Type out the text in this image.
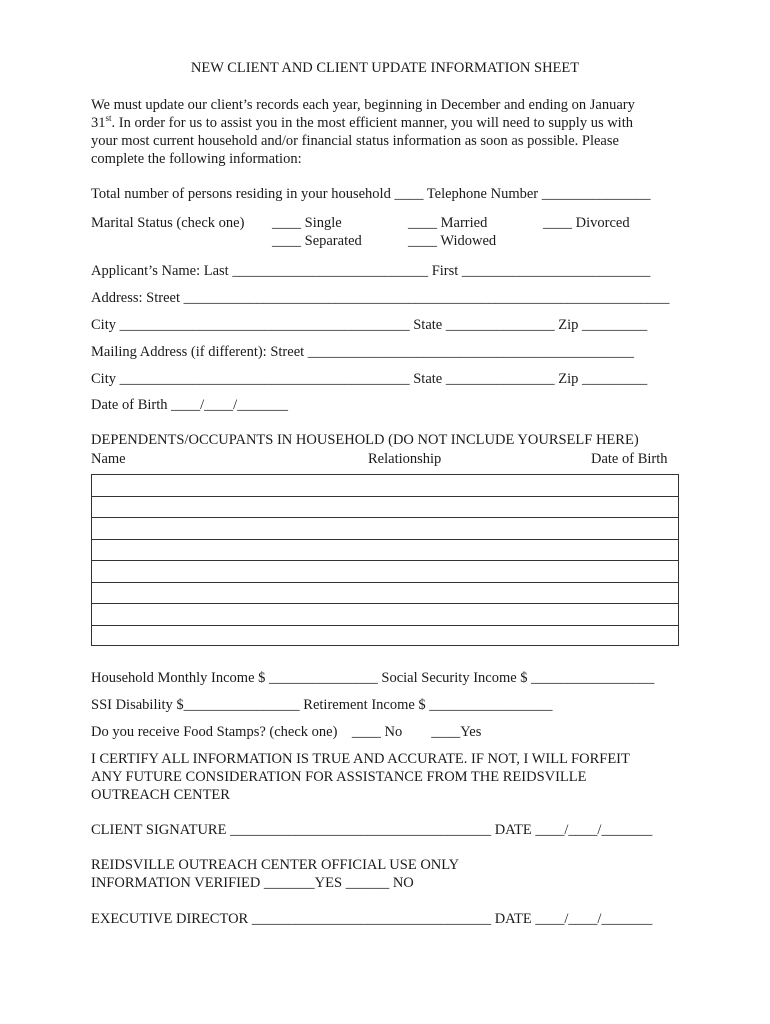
NEW CLIENT AND CLIENT UPDATE INFORMATION SHEET
We must update our client’s records each year, beginning in December and ending on January
31st. In order for us to assist you in the most efficient manner, you will need to supply us with
your most current household and/or financial status information as soon as possible. Please
complete the following information:
Total number of persons residing in your household ____ Telephone Number _______________
Marital Status (check one) ____ Single
____ Separated
____ Married
____ Widowed
____ Divorced
Applicant’s Name: Last ___________________________ First __________________________
Address: Street ___________________________________________________________________
City ________________________________________ State _______________ Zip _________
Mailing Address (if different): Street _____________________________________________
City ________________________________________ State _______________ Zip _________
Date of Birth ____/____/_______
DEPENDENTS/OCCUPANTS IN HOUSEHOLD (DO NOT INCLUDE YOURSELF HERE)
Name	Relationship	Date of Birth
Household Monthly Income $ _______________ Social Security Income $ _________________
SSI Disability $________________ Retirement Income $ _________________
Do you receive Food Stamps? (check one)    ____ No        ____Yes
I CERTIFY ALL INFORMATION IS TRUE AND ACCURATE. IF NOT, I WILL FORFEIT
ANY FUTURE CONSIDERATION FOR ASSISTANCE FROM THE REIDSVILLE
OUTREACH CENTER
CLIENT SIGNATURE ____________________________________ DATE ____/____/_______
REIDSVILLE OUTREACH CENTER OFFICIAL USE ONLY
INFORMATION VERIFIED _______YES ______ NO
EXECUTIVE DIRECTOR _________________________________ DATE ____/____/_______
